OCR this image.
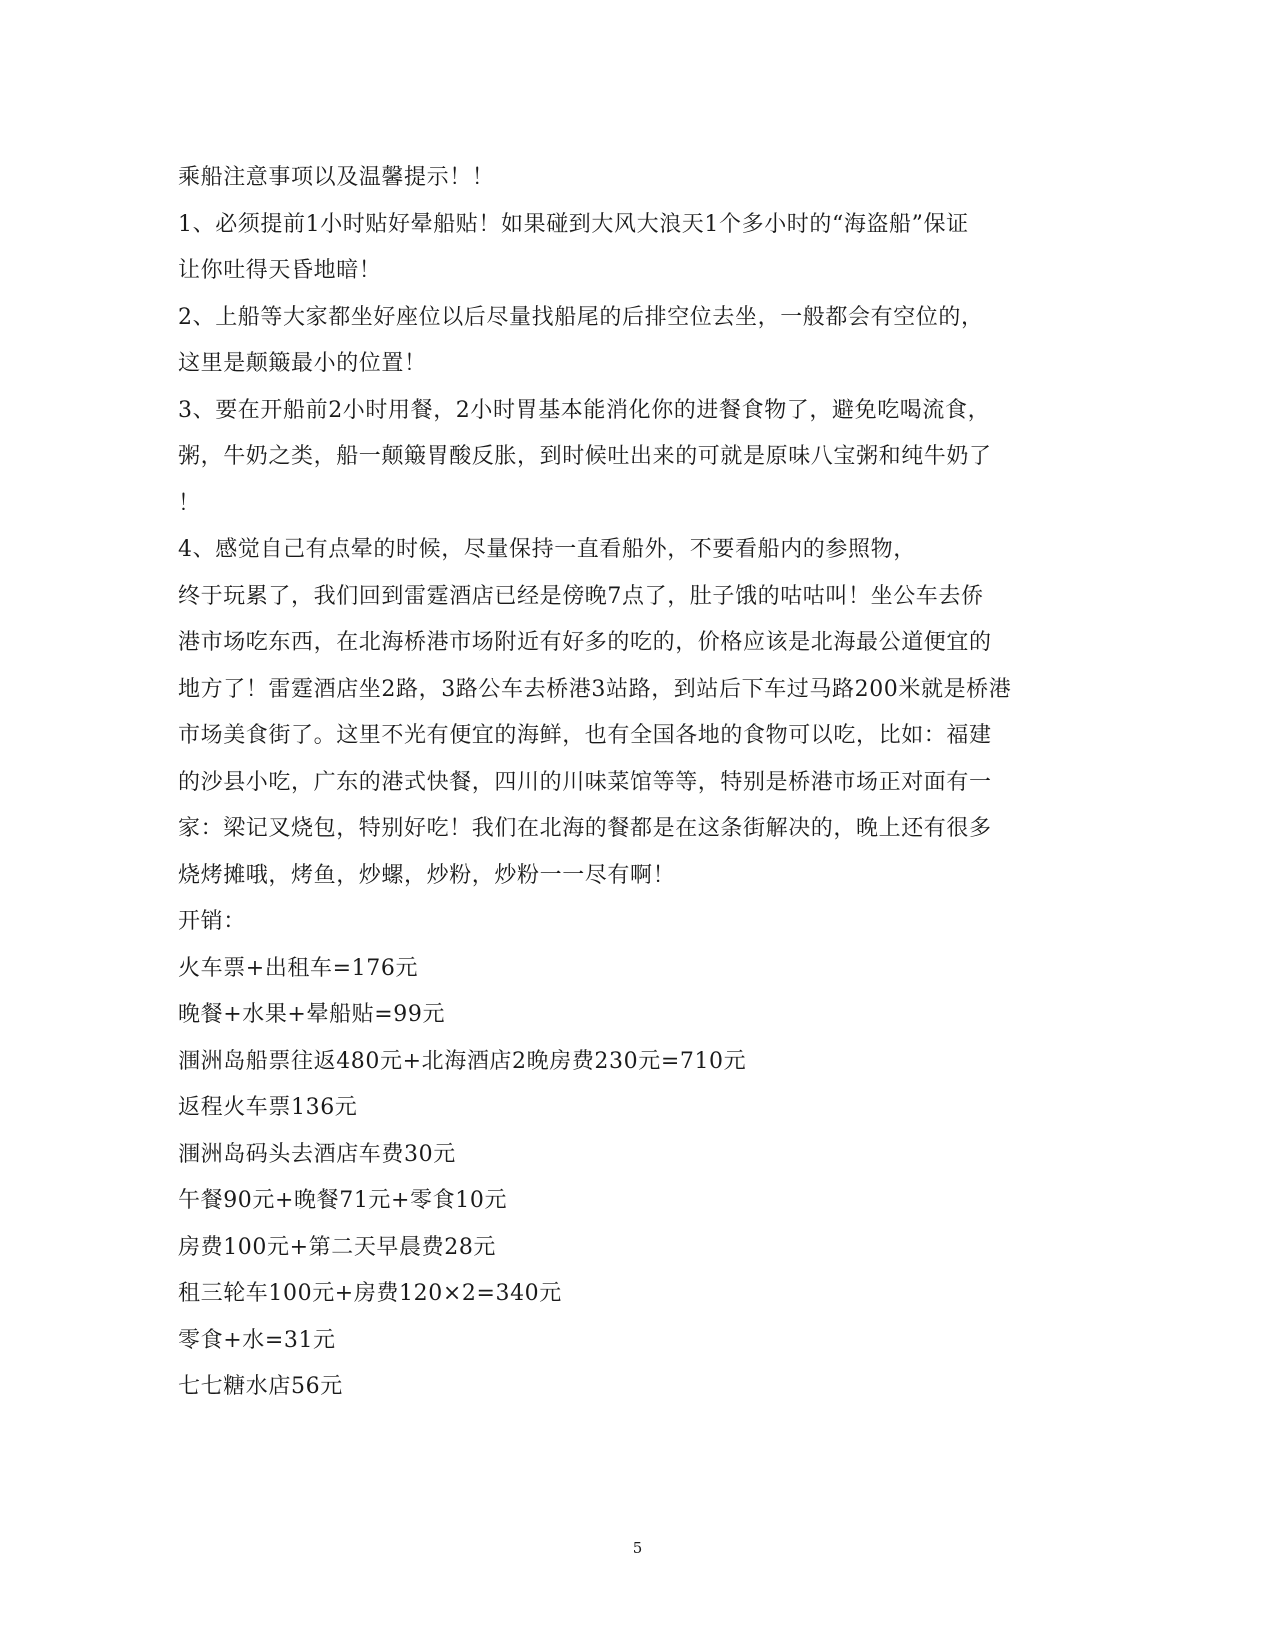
乘船注意事项以及温馨提示！！
1、必须提前1小时贴好晕船贴！如果碰到大风大浪天1个多小时的“海盗船”保证
让你吐得天昏地暗！
2、上船等大家都坐好座位以后尽量找船尾的后排空位去坐，一般都会有空位的，
这里是颠簸最小的位置！
3、要在开船前2小时用餐，2小时胃基本能消化你的进餐食物了，避免吃喝流食，
粥，牛奶之类，船一颠簸胃酸反胀，到时候吐出来的可就是原味八宝粥和纯牛奶了
！
4、感觉自己有点晕的时候，尽量保持一直看船外，不要看船内的参照物，
终于玩累了，我们回到雷霆酒店已经是傍晚7点了，肚子饿的咕咕叫！坐公车去侨
港市场吃东西，在北海桥港市场附近有好多的吃的，价格应该是北海最公道便宜的
地方了！雷霆酒店坐2路，3路公车去桥港3站路，到站后下车过马路200米就是桥港
市场美食街了。这里不光有便宜的海鲜，也有全国各地的食物可以吃，比如：福建
的沙县小吃，广东的港式快餐，四川的川味菜馆等等，特别是桥港市场正对面有一
家：梁记叉烧包，特别好吃！我们在北海的餐都是在这条街解决的，晚上还有很多
烧烤摊哦，烤鱼，炒螺，炒粉，炒粉一一尽有啊！
开销：
火车票+出租车=176元
晚餐+水果+晕船贴=99元
涠洲岛船票往返480元+北海酒店2晚房费230元=710元
返程火车票136元
涠洲岛码头去酒店车费30元
午餐90元+晚餐71元+零食10元
房费100元+第二天早晨费28元
租三轮车100元+房费120×2=340元
零食+水=31元
七七糖水店56元
5
